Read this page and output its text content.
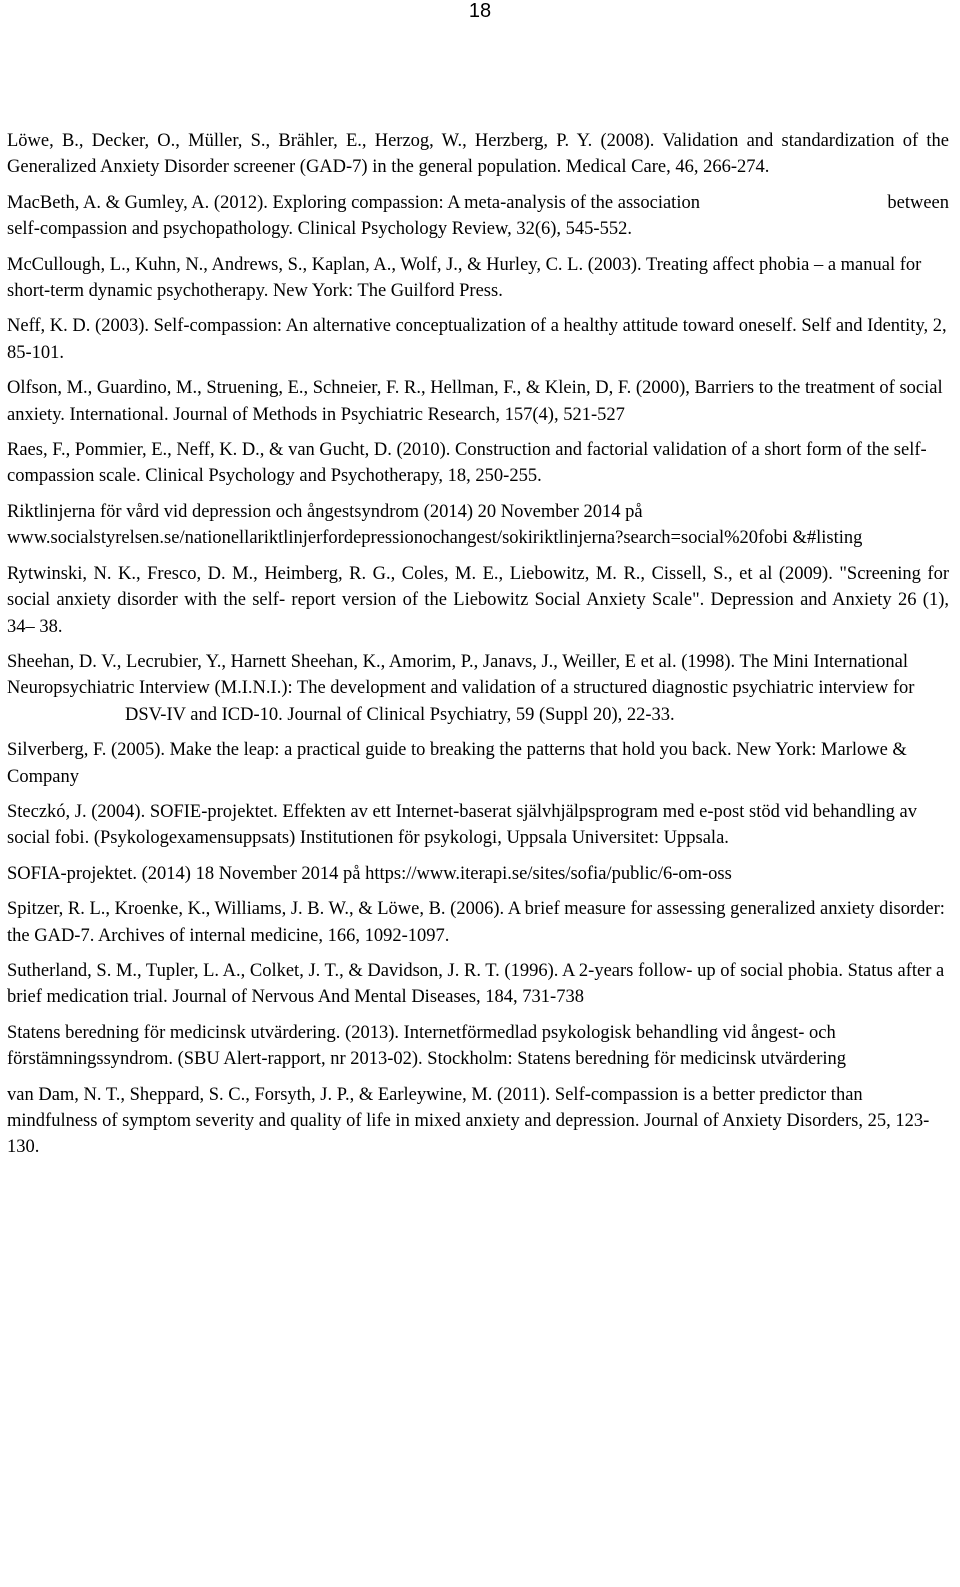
18

Löwe, B., Decker, O., Müller, S., Brähler, E., Herzog, W., Herzberg, P. Y. (2008). Validation and standardization of the Generalized Anxiety Disorder screener (GAD-7) in the general population. Medical Care, 46, 266-274.

between
MacBeth, A. & Gumley, A. (2012). Exploring compassion: A meta-analysis of the association
self-compassion and psychopathology. Clinical Psychology Review, 32(6), 545-552.

McCullough, L., Kuhn, N., Andrews, S., Kaplan, A., Wolf, J., & Hurley, C. L. (2003). Treating affect phobia – a manual for short-term dynamic psychotherapy. New York: The Guilford Press.

Neff, K. D. (2003). Self-compassion: An alternative conceptualization of a healthy attitude toward oneself. Self and Identity, 2, 85-101.

Olfson, M., Guardino, M., Struening, E., Schneier, F. R., Hellman, F., & Klein, D, F. (2000), Barriers to the treatment of social anxiety. International. Journal of Methods in Psychiatric Research, 157(4), 521-527

Raes, F., Pommier, E., Neff, K. D., & van Gucht, D. (2010). Construction and factorial validation of a short form of the self-compassion scale. Clinical Psychology and Psychotherapy, 18, 250-255.

Riktlinjerna för vård vid depression och ångestsyndrom (2014) 20 November 2014 på www.socialstyrelsen.se/nationellariktlinjerfordepressionochangest/sokiriktlinjerna?search=social%20fobi &#listing

Rytwinski, N. K., Fresco, D. M., Heimberg, R. G., Coles, M. E., Liebowitz, M. R., Cissell, S., et al (2009). "Screening for social anxiety disorder with the self- report version of the Liebowitz Social Anxiety Scale". Depression and Anxiety 26 (1), 34– 38.

Sheehan, D. V., Lecrubier, Y., Harnett Sheehan, K., Amorim, P., Janavs, J., Weiller, E et al. (1998). The Mini International Neuropsychiatric Interview (M.I.N.I.): The development and validation of a structured diagnostic psychiatric interview forDSV-IV and ICD-10. Journal of Clinical Psychiatry, 59 (Suppl 20), 22-33.

Silverberg, F. (2005). Make the leap: a practical guide to breaking the patterns that hold you back. New York: Marlowe & Company

Steczkó, J. (2004). SOFIE-projektet. Effekten av ett Internet-baserat självhjälpsprogram med e-post stöd vid behandling av social fobi. (Psykologexamensuppsats) Institutionen för psykologi, Uppsala Universitet: Uppsala.

SOFIA-projektet. (2014) 18 November 2014 på https://www.iterapi.se/sites/sofia/public/6-om-oss

Spitzer, R. L., Kroenke, K., Williams, J. B. W., & Löwe, B. (2006). A brief measure for assessing generalized anxiety disorder: the GAD-7. Archives of internal medicine, 166, 1092-1097.

Sutherland, S. M., Tupler, L. A., Colket, J. T., & Davidson, J. R. T. (1996). A 2-years follow- up of social phobia. Status after a brief medication trial. Journal of Nervous And Mental Diseases, 184, 731-738

Statens beredning för medicinsk utvärdering. (2013). Internetförmedlad psykologisk behandling vid ångest- och förstämningssyndrom. (SBU Alert-rapport, nr 2013-02). Stockholm: Statens beredning för medicinsk utvärdering

van Dam, N. T., Sheppard, S. C., Forsyth, J. P., & Earleywine, M. (2011). Self-compassion is a better predictor than mindfulness of symptom severity and quality of life in mixed anxiety and depression. Journal of Anxiety Disorders, 25, 123-130.
